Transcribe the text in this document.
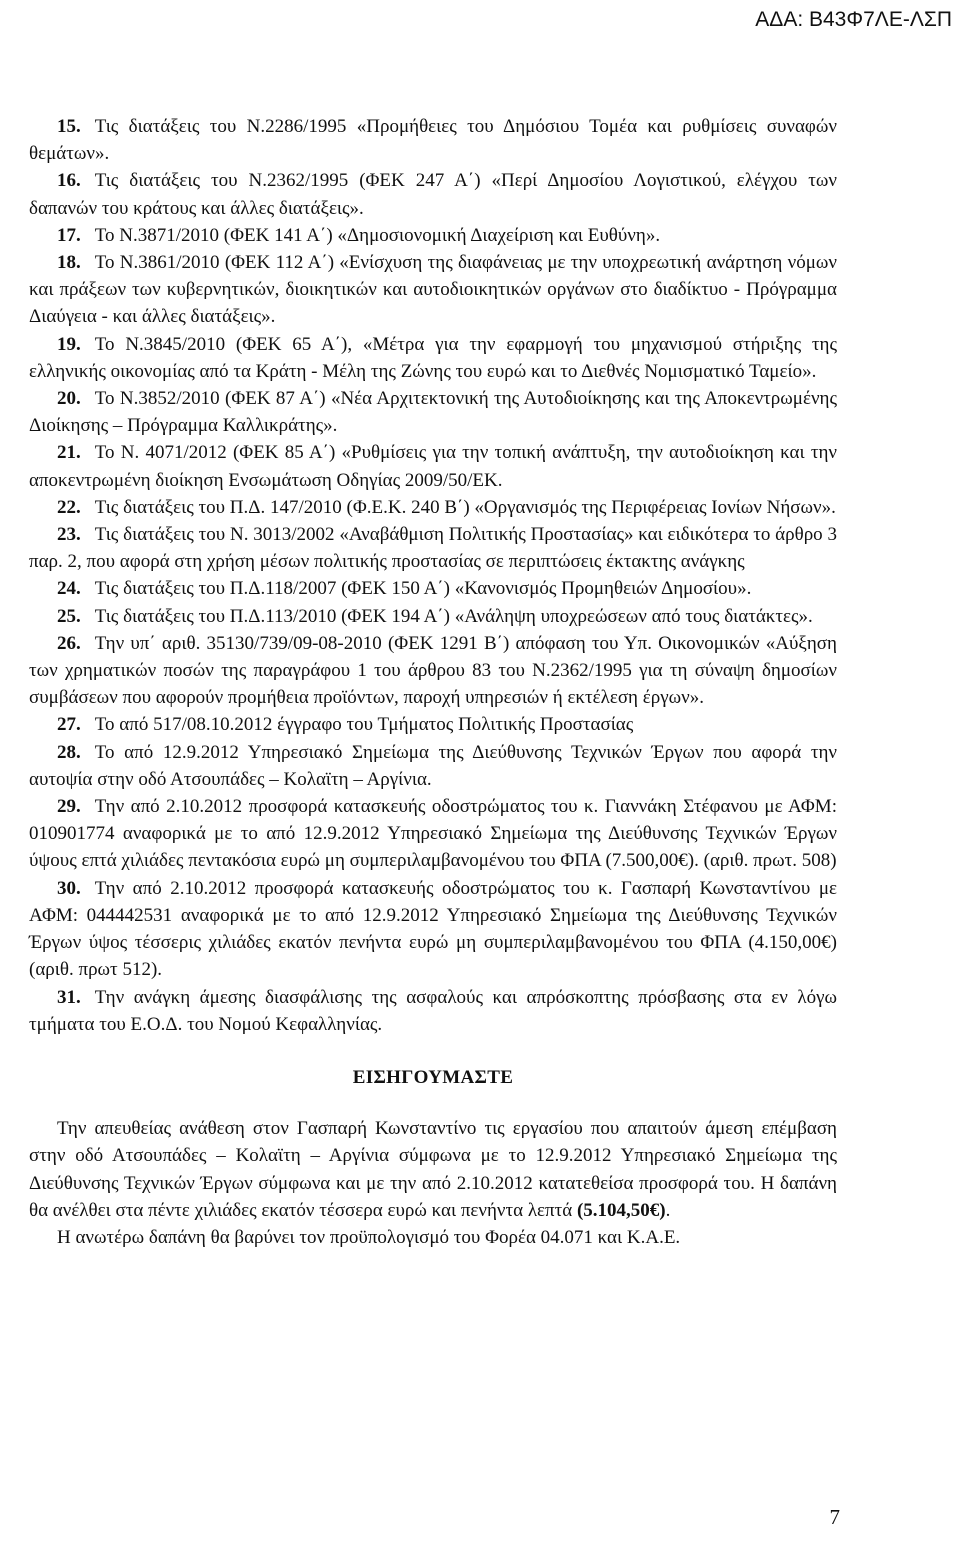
ΑΔΑ: Β43Φ7ΛΕ-ΛΣΠ

15. Τις διατάξεις του Ν.2286/1995 «Προμήθειες του Δημόσιου Τομέα και ρυθμίσεις συναφών θεμάτων».

16. Τις διατάξεις του Ν.2362/1995 (ΦΕΚ 247 Α΄) «Περί Δημοσίου Λογιστικού, ελέγχου των δαπανών του κράτους και άλλες διατάξεις».

17. Το Ν.3871/2010 (ΦΕΚ 141 Α΄) «Δημοσιονομική Διαχείριση και Ευθύνη».

18. Το Ν.3861/2010 (ΦΕΚ 112 Α΄) «Ενίσχυση της διαφάνειας με την υποχρεωτική ανάρτηση νόμων και πράξεων των κυβερνητικών, διοικητικών και αυτοδιοικητικών οργάνων στο διαδίκτυο - Πρόγραμμα Διαύγεια - και άλλες διατάξεις».

19. Το Ν.3845/2010 (ΦΕΚ 65 Α΄), «Μέτρα για την εφαρμογή του μηχανισμού στήριξης της ελληνικής οικονομίας από τα Κράτη - Μέλη της Ζώνης του ευρώ και το Διεθνές Νομισματικό Ταμείο».

20. Το Ν.3852/2010 (ΦΕΚ 87 Α΄) «Νέα Αρχιτεκτονική της Αυτοδιοίκησης και της Αποκεντρωμένης Διοίκησης – Πρόγραμμα Καλλικράτης».

21. Το Ν. 4071/2012 (ΦΕΚ 85 Α΄) «Ρυθμίσεις για την τοπική ανάπτυξη, την αυτοδιοίκηση και την αποκεντρωμένη διοίκηση Ενσωμάτωση Οδηγίας 2009/50/ΕΚ.

22. Τις διατάξεις του Π.Δ. 147/2010 (Φ.Ε.Κ. 240 Β΄) «Οργανισμός της Περιφέρειας Ιονίων Νήσων».

23. Τις διατάξεις του Ν. 3013/2002 «Αναβάθμιση Πολιτικής Προστασίας» και ειδικότερα το άρθρο 3 παρ. 2, που αφορά στη χρήση μέσων πολιτικής προστασίας σε περιπτώσεις έκτακτης ανάγκης

24. Τις διατάξεις του Π.Δ.118/2007 (ΦΕΚ 150 Α΄) «Κανονισμός Προμηθειών Δημοσίου».

25. Τις διατάξεις του Π.Δ.113/2010 (ΦΕΚ 194 Α΄) «Ανάληψη υποχρεώσεων από τους διατάκτες».

26. Την υπ΄ αριθ. 35130/739/09-08-2010 (ΦΕΚ 1291 Β΄) απόφαση του Υπ. Οικονομικών «Αύξηση των χρηματικών ποσών της παραγράφου 1 του άρθρου 83 του Ν.2362/1995 για τη σύναψη δημοσίων συμβάσεων που αφορούν προμήθεια προϊόντων, παροχή υπηρεσιών ή εκτέλεση έργων».

27. Το από 517/08.10.2012 έγγραφο του Τμήματος Πολιτικής Προστασίας

28. Το από 12.9.2012 Υπηρεσιακό Σημείωμα της Διεύθυνσης Τεχνικών Έργων που αφορά την αυτοψία στην οδό Ατσουπάδες – Κολαϊτη – Αργίνια.

29. Την από 2.10.2012 προσφορά κατασκευής οδοστρώματος του κ. Γιαννάκη Στέφανου με ΑΦΜ: 010901774 αναφορικά με το από 12.9.2012 Υπηρεσιακό Σημείωμα της Διεύθυνσης Τεχνικών Έργων ύψους επτά χιλιάδες πεντακόσια ευρώ μη συμπεριλαμβανομένου του ΦΠΑ (7.500,00€). (αριθ. πρωτ. 508)

30. Την από 2.10.2012 προσφορά κατασκευής οδοστρώματος του κ. Γασπαρή Κωνσταντίνου με ΑΦΜ: 044442531 αναφορικά με το από 12.9.2012 Υπηρεσιακό Σημείωμα της Διεύθυνσης Τεχνικών Έργων ύψος τέσσερις χιλιάδες εκατόν πενήντα ευρώ μη συμπεριλαμβανομένου του ΦΠΑ (4.150,00€) (αριθ. πρωτ 512).

31. Την ανάγκη άμεσης διασφάλισης της ασφαλούς και απρόσκοπτης πρόσβασης στα εν λόγω τμήματα του Ε.Ο.Δ. του Νομού Κεφαλληνίας.

ΕΙΣΗΓΟΥΜΑΣΤΕ

Την απευθείας ανάθεση στον Γασπαρή Κωνσταντίνο τις εργασίου που απαιτούν άμεση επέμβαση στην οδό Ατσουπάδες – Κολαϊτη – Αργίνια σύμφωνα με το 12.9.2012 Υπηρεσιακό Σημείωμα της Διεύθυνσης Τεχνικών Έργων σύμφωνα και με την από 2.10.2012 κατατεθείσα προσφορά του. Η δαπάνη θα ανέλθει στα πέντε χιλιάδες εκατόν τέσσερα ευρώ και πενήντα λεπτά (5.104,50€).

Η ανωτέρω δαπάνη θα βαρύνει τον προϋπολογισμό του Φορέα 04.071 και Κ.Α.Ε.

7
